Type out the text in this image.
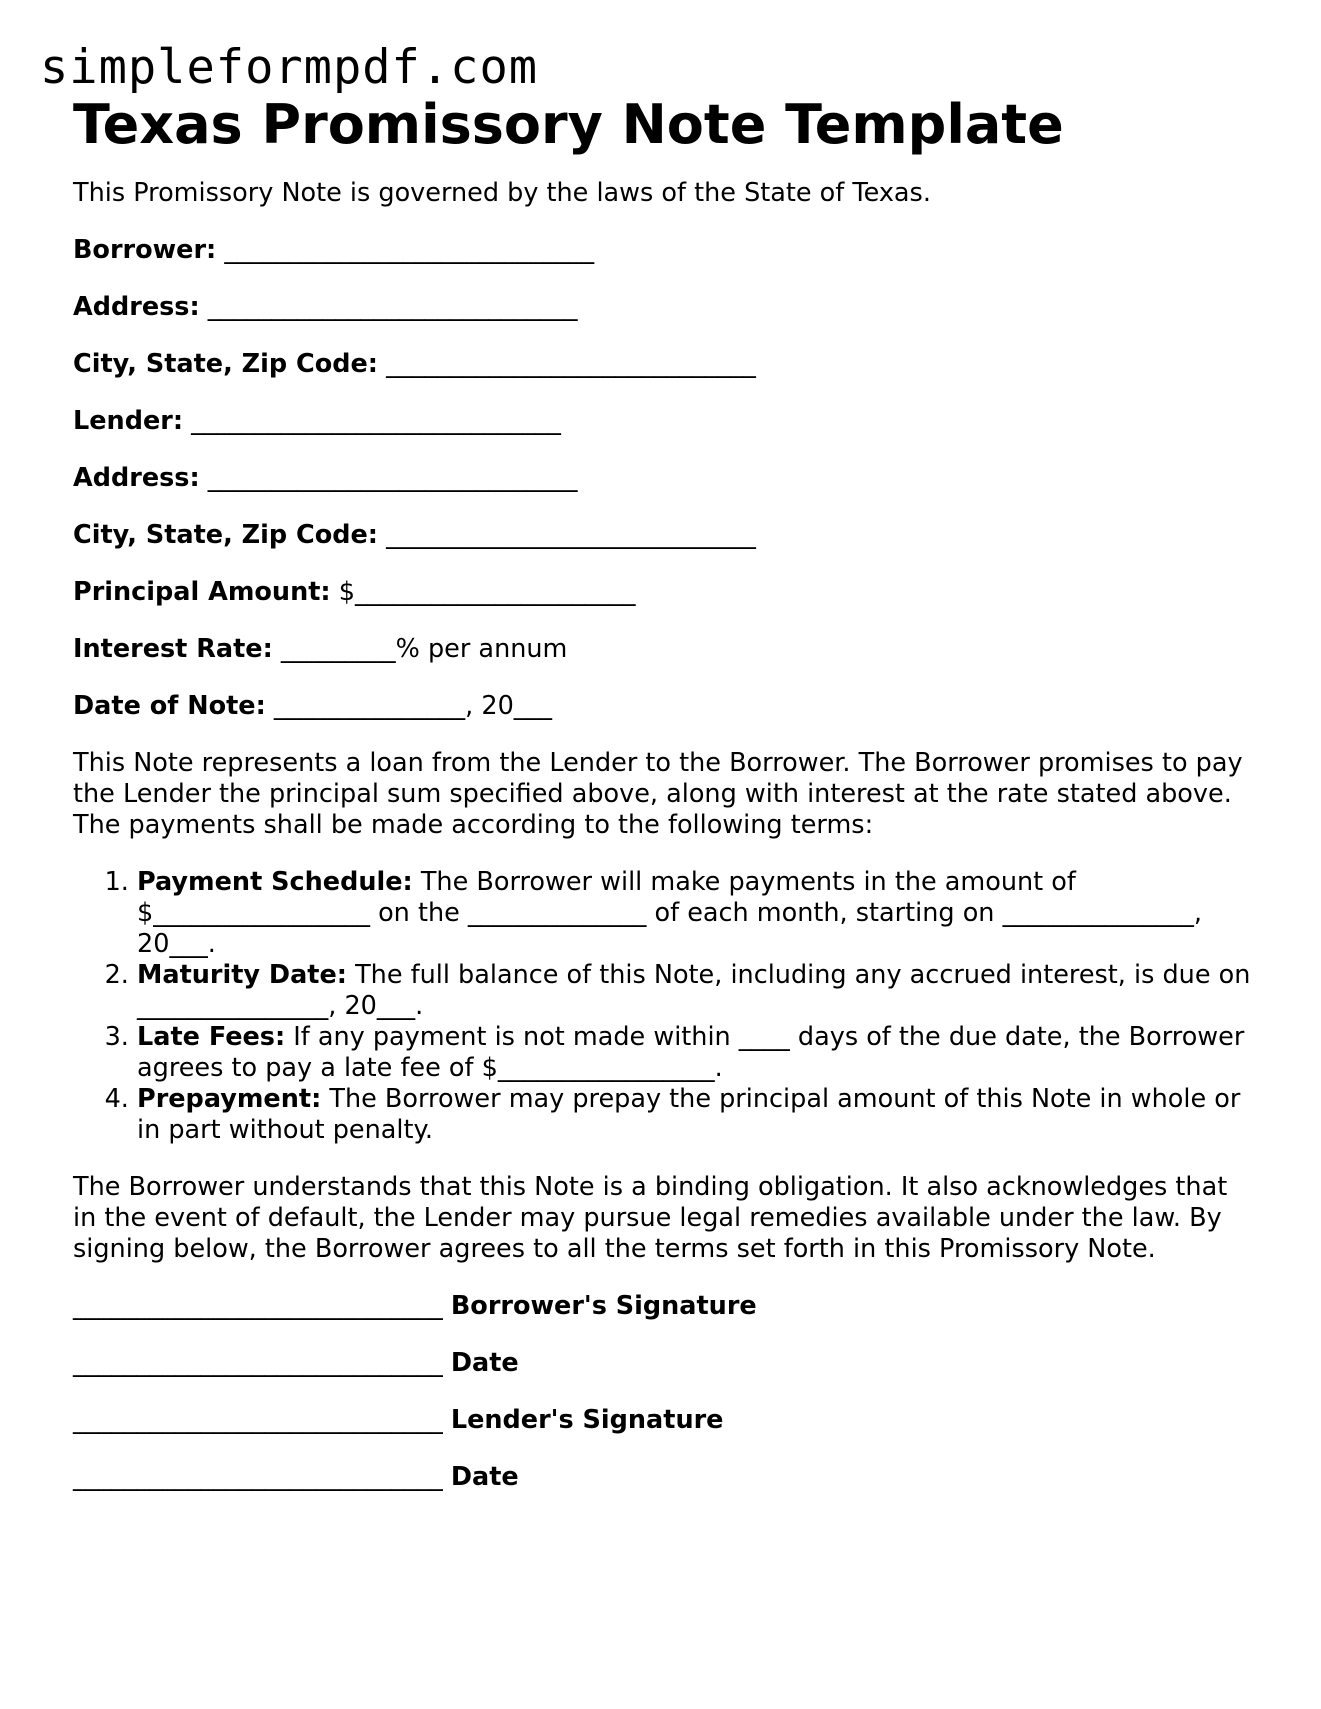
simpleformpdf.com
Texas Promissory Note Template

This Promissory Note is governed by the laws of the State of Texas.

Borrower: _____________________________

Address: _____________________________

City, State, Zip Code: _____________________________

Lender: _____________________________

Address: _____________________________

City, State, Zip Code: _____________________________

Principal Amount: $______________________

Interest Rate: _________% per annum

Date of Note: _______________, 20___

This Note represents a loan from the Lender to the Borrower. The Borrower promises to pay the Lender the principal sum specified above, along with interest at the rate stated above. The payments shall be made according to the following terms:

1. Payment Schedule: The Borrower will make payments in the amount of $_________________ on the ______________ of each month, starting on _______________, 20___.
2. Maturity Date: The full balance of this Note, including any accrued interest, is due on _______________, 20___.
3. Late Fees: If any payment is not made within ____ days of the due date, the Borrower agrees to pay a late fee of $_________________.
4. Prepayment: The Borrower may prepay the principal amount of this Note in whole or in part without penalty.

The Borrower understands that this Note is a binding obligation. It also acknowledges that in the event of default, the Lender may pursue legal remedies available under the law. By signing below, the Borrower agrees to all the terms set forth in this Promissory Note.

_____________________________ Borrower's Signature

_____________________________ Date

_____________________________ Lender's Signature

_____________________________ Date
